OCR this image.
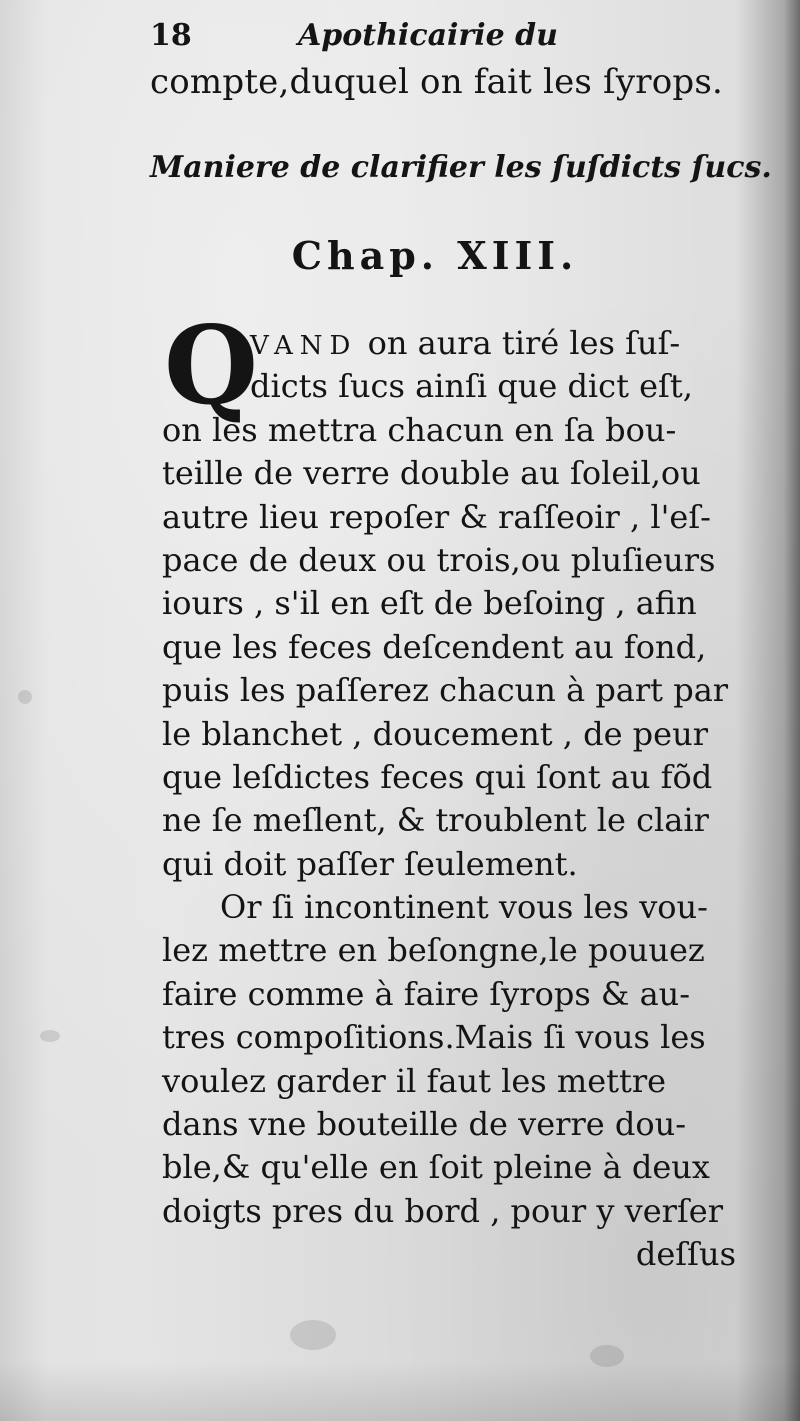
18	Apothicairie du
compte,duquel on fait les ſyrops.
Maniere de clarifier les ſuſdicts ſucs.
Chap. XIII.
Q
VAND on aura tiré les ſuſ-
dicts ſucs ainſi que dict eſt,
on les mettra chacun en ſa bou-
teille de verre double au ſoleil,ou
autre lieu repoſer & raſſeoir , l'eſ-
pace de deux ou trois,ou pluſieurs
iours , s'il en eſt de beſoing , afin
que les feces deſcendent au fond,
puis les paſſerez chacun à part par
le blanchet , doucement , de peur
que leſdictes feces qui ſont au fõd
ne ſe meſlent, & troublent le clair
qui doit paſſer ſeulement.
Or ſi incontinent vous les vou-
lez mettre en beſongne,le pouuez
faire comme à faire ſyrops & au-
tres compoſitions.Mais ſi vous les
voulez garder il faut les mettre
dans vne bouteille de verre dou-
ble,& qu'elle en ſoit pleine à deux
doigts pres du bord , pour y verſer
deſſus
